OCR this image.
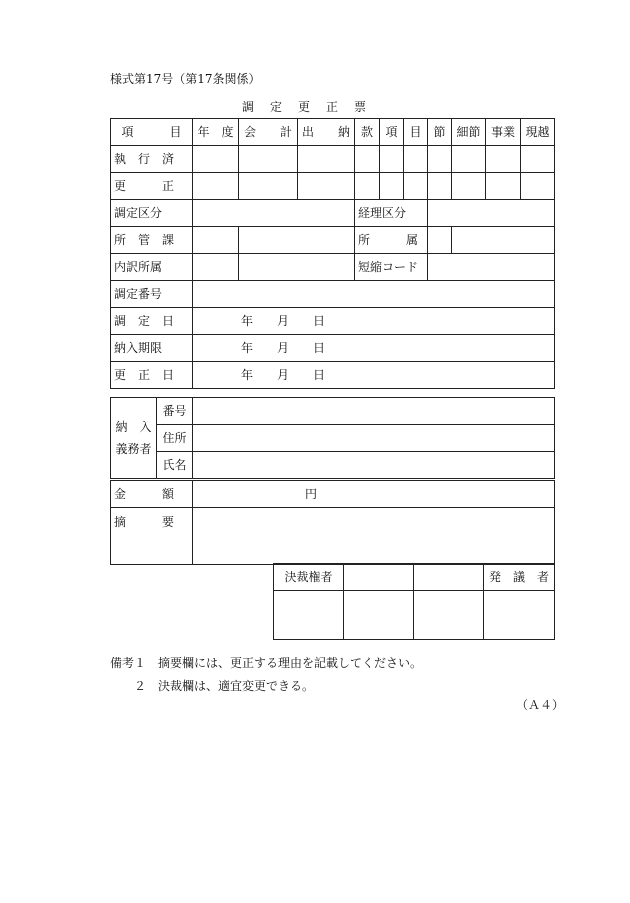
様式第17号（第17条関係）
調　定　更　正　票
項　　　目	年　度	会　　計	出　　納	款	項	目	節	細節	事業	現越
執　行　済										
更　　　正										
調定区分				経理区分						
所　管　課				所　　　属						
内訳所属				短縮コード						
調定番号										
調　定　日	年 月 日									
納入期限	年 月 日									
更　正　日	年 月 日									
納　入
義務者	番号	
	住所	
	氏名	
金　　　額	円
摘　　　要	
決裁権者			発　議　者

備考１　摘要欄には、更正する理由を記載してください。
　　２　決裁欄は、適宜変更できる。
（Ａ４）
